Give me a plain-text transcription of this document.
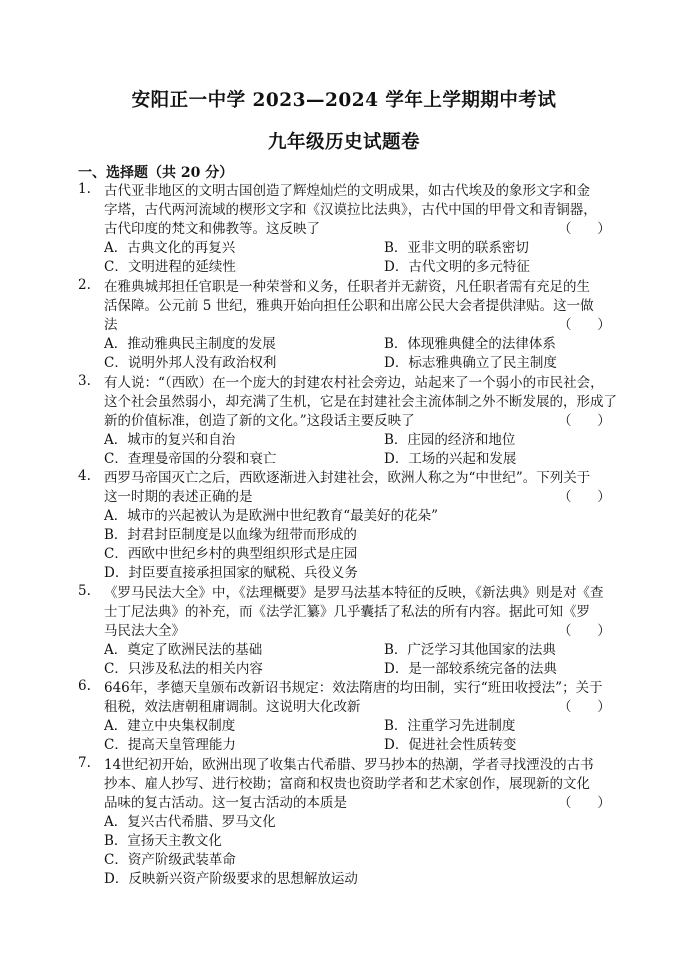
安阳正一中学 2023—2024 学年上学期期中考试
九年级历史试题卷
一、选择题（共 20 分）
1. 古代亚非地区的文明古国创造了辉煌灿烂的文明成果，如古代埃及的象形文字和金
字塔，古代两河流域的楔形文字和《汉谟拉比法典》，古代中国的甲骨文和青铜器，
古代印度的梵文和佛教等。这反映了	（      ）
A．古典文化的再复兴	B．亚非文明的联系密切
C．文明进程的延续性	D．古代文明的多元特征
2. 在雅典城邦担任官职是一种荣誉和义务，任职者并无薪资，凡任职者需有充足的生
活保障。公元前 5 世纪，雅典开始向担任公职和出席公民大会者提供津贴。这一做
法	（      ）
A．推动雅典民主制度的发展	B．体现雅典健全的法律体系
C．说明外邦人没有政治权利	D．标志雅典确立了民主制度
3. 有人说：“（西欧）在一个庞大的封建农村社会旁边，站起来了一个弱小的市民社会，
这个社会虽然弱小，却充满了生机，它是在封建社会主流体制之外不断发展的，形成了
新的价值标准，创造了新的文化。”这段话主要反映了	（      ）
A．城市的复兴和自治	B．庄园的经济和地位
C．查理曼帝国的分裂和衰亡	D．工场的兴起和发展
4. 西罗马帝国灭亡之后，西欧逐渐进入封建社会，欧洲人称之为“中世纪”。下列关于
这一时期的表述正确的是	（      ）
A．城市的兴起被认为是欧洲中世纪教育“最美好的花朵”
B．封君封臣制度是以血缘为纽带而形成的
C．西欧中世纪乡村的典型组织形式是庄园
D．封臣要直接承担国家的赋税、兵役义务
5. 《罗马民法大全》中，《法理概要》是罗马法基本特征的反映，《新法典》则是对《查
士丁尼法典》的补充，而《法学汇纂》几乎囊括了私法的所有内容。据此可知《罗
马民法大全》	（      ）
A．奠定了欧洲民法的基础	B．广泛学习其他国家的法典
C．只涉及私法的相关内容	D．是一部较系统完备的法典
6. 646年，孝德天皇颁布改新诏书规定：效法隋唐的均田制，实行“班田收授法”；关于
租税，效法唐朝租庸调制。这说明大化改新	（      ）
A．建立中央集权制度	B．注重学习先进制度
C．提高天皇管理能力	D．促进社会性质转变
7. 14世纪初开始，欧洲出现了收集古代希腊、罗马抄本的热潮，学者寻找湮没的古书
抄本、雇人抄写、进行校勘；富商和权贵也资助学者和艺术家创作，展现新的文化
品味的复古活动。这一复古活动的本质是	（      ）
A．复兴古代希腊、罗马文化
B．宣扬天主教文化
C．资产阶级武装革命
D．反映新兴资产阶级要求的思想解放运动
